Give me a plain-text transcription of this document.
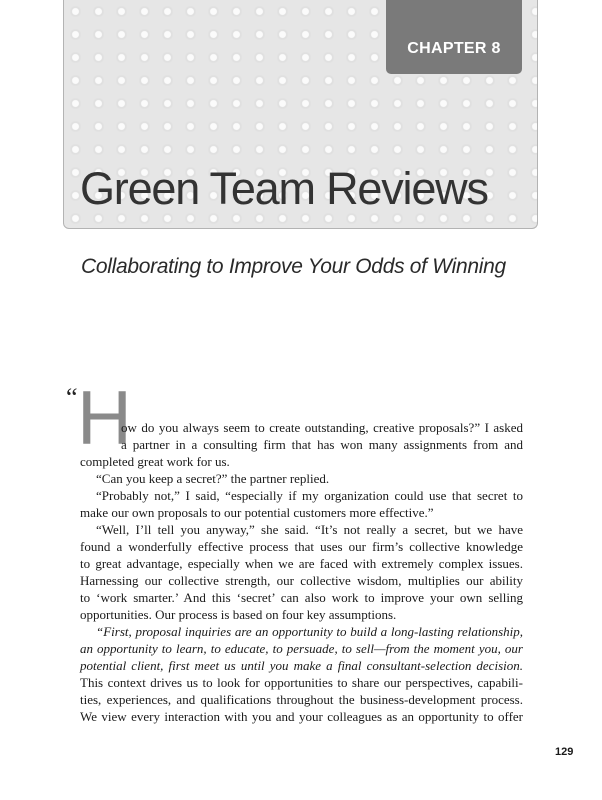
CHAPTER 8
Green Team Reviews
Collaborating to Improve Your Odds of Winning
“ H
ow do you always seem to create outstanding, creative proposals?” I asked
a partner in a consulting firm that has won many assignments from and
completed great work for us.
“Can you keep a secret?” the partner replied.
“Probably not,” I said, “especially if my organization could use that secret to
make our own proposals to our potential customers more effective.”
“Well, I’ll tell you anyway,” she said. “It’s not really a secret, but we have
found a wonderfully effective process that uses our firm’s collective knowledge
to great advantage, especially when we are faced with extremely complex issues.
Harnessing our collective strength, our collective wisdom, multiplies our ability
to ‘work smarter.’ And this ‘secret’ can also work to improve your own selling
opportunities. Our process is based on four key assumptions.
“First, proposal inquiries are an opportunity to build a long-lasting relationship,
an opportunity to learn, to educate, to persuade, to sell—from the moment you, our
potential client, first meet us until you make a final consultant-selection decision.
This context drives us to look for opportunities to share our perspectives, capabili-
ties, experiences, and qualifications throughout the business-development process.
We view every interaction with you and your colleagues as an opportunity to offer
129
